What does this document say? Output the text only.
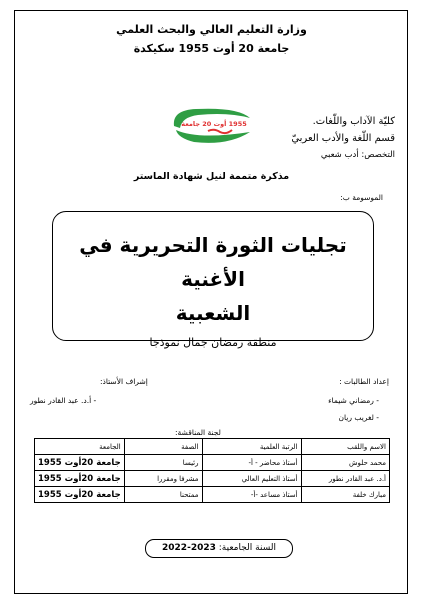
وزارة التعليم العالي والبحث العلمي
جامعة 20 أوت 1955 سكيكدة
1955 أوت 20 جامعة	كليّة الآداب واللّغات.
قسم اللّغة والأدب العربيّ
التخصص: أدب شعبي
مذكرة متممة لنيل شهادة الماستر
الموسومة ب:
تجليات الثورة التحريرية في الأغنية
الشعبية
منطقة رمضان جمال نموذجا
إعداد الطالبات :
- رمضاني شيماء
- لغريب ريان
إشراف الأستاذ:
- أ.د. عبد القادر نطور
لجنة المناقشة:
الاسم واللقب	الرتبة العلمية	الصفة	الجامعة
محمد حلوش	أستاذ محاضر - أ-	رئيسا	جامعة 20أوت 1955
أ.د. عبد القادر نطور	أستاذ التعليم العالي	مشرفا ومقررا	جامعة 20أوت 1955
مبارك خلفة	أستاذ مساعد -أ-	ممتحنا	جامعة 20أوت 1955
السنة الجامعية: 2023-2022
